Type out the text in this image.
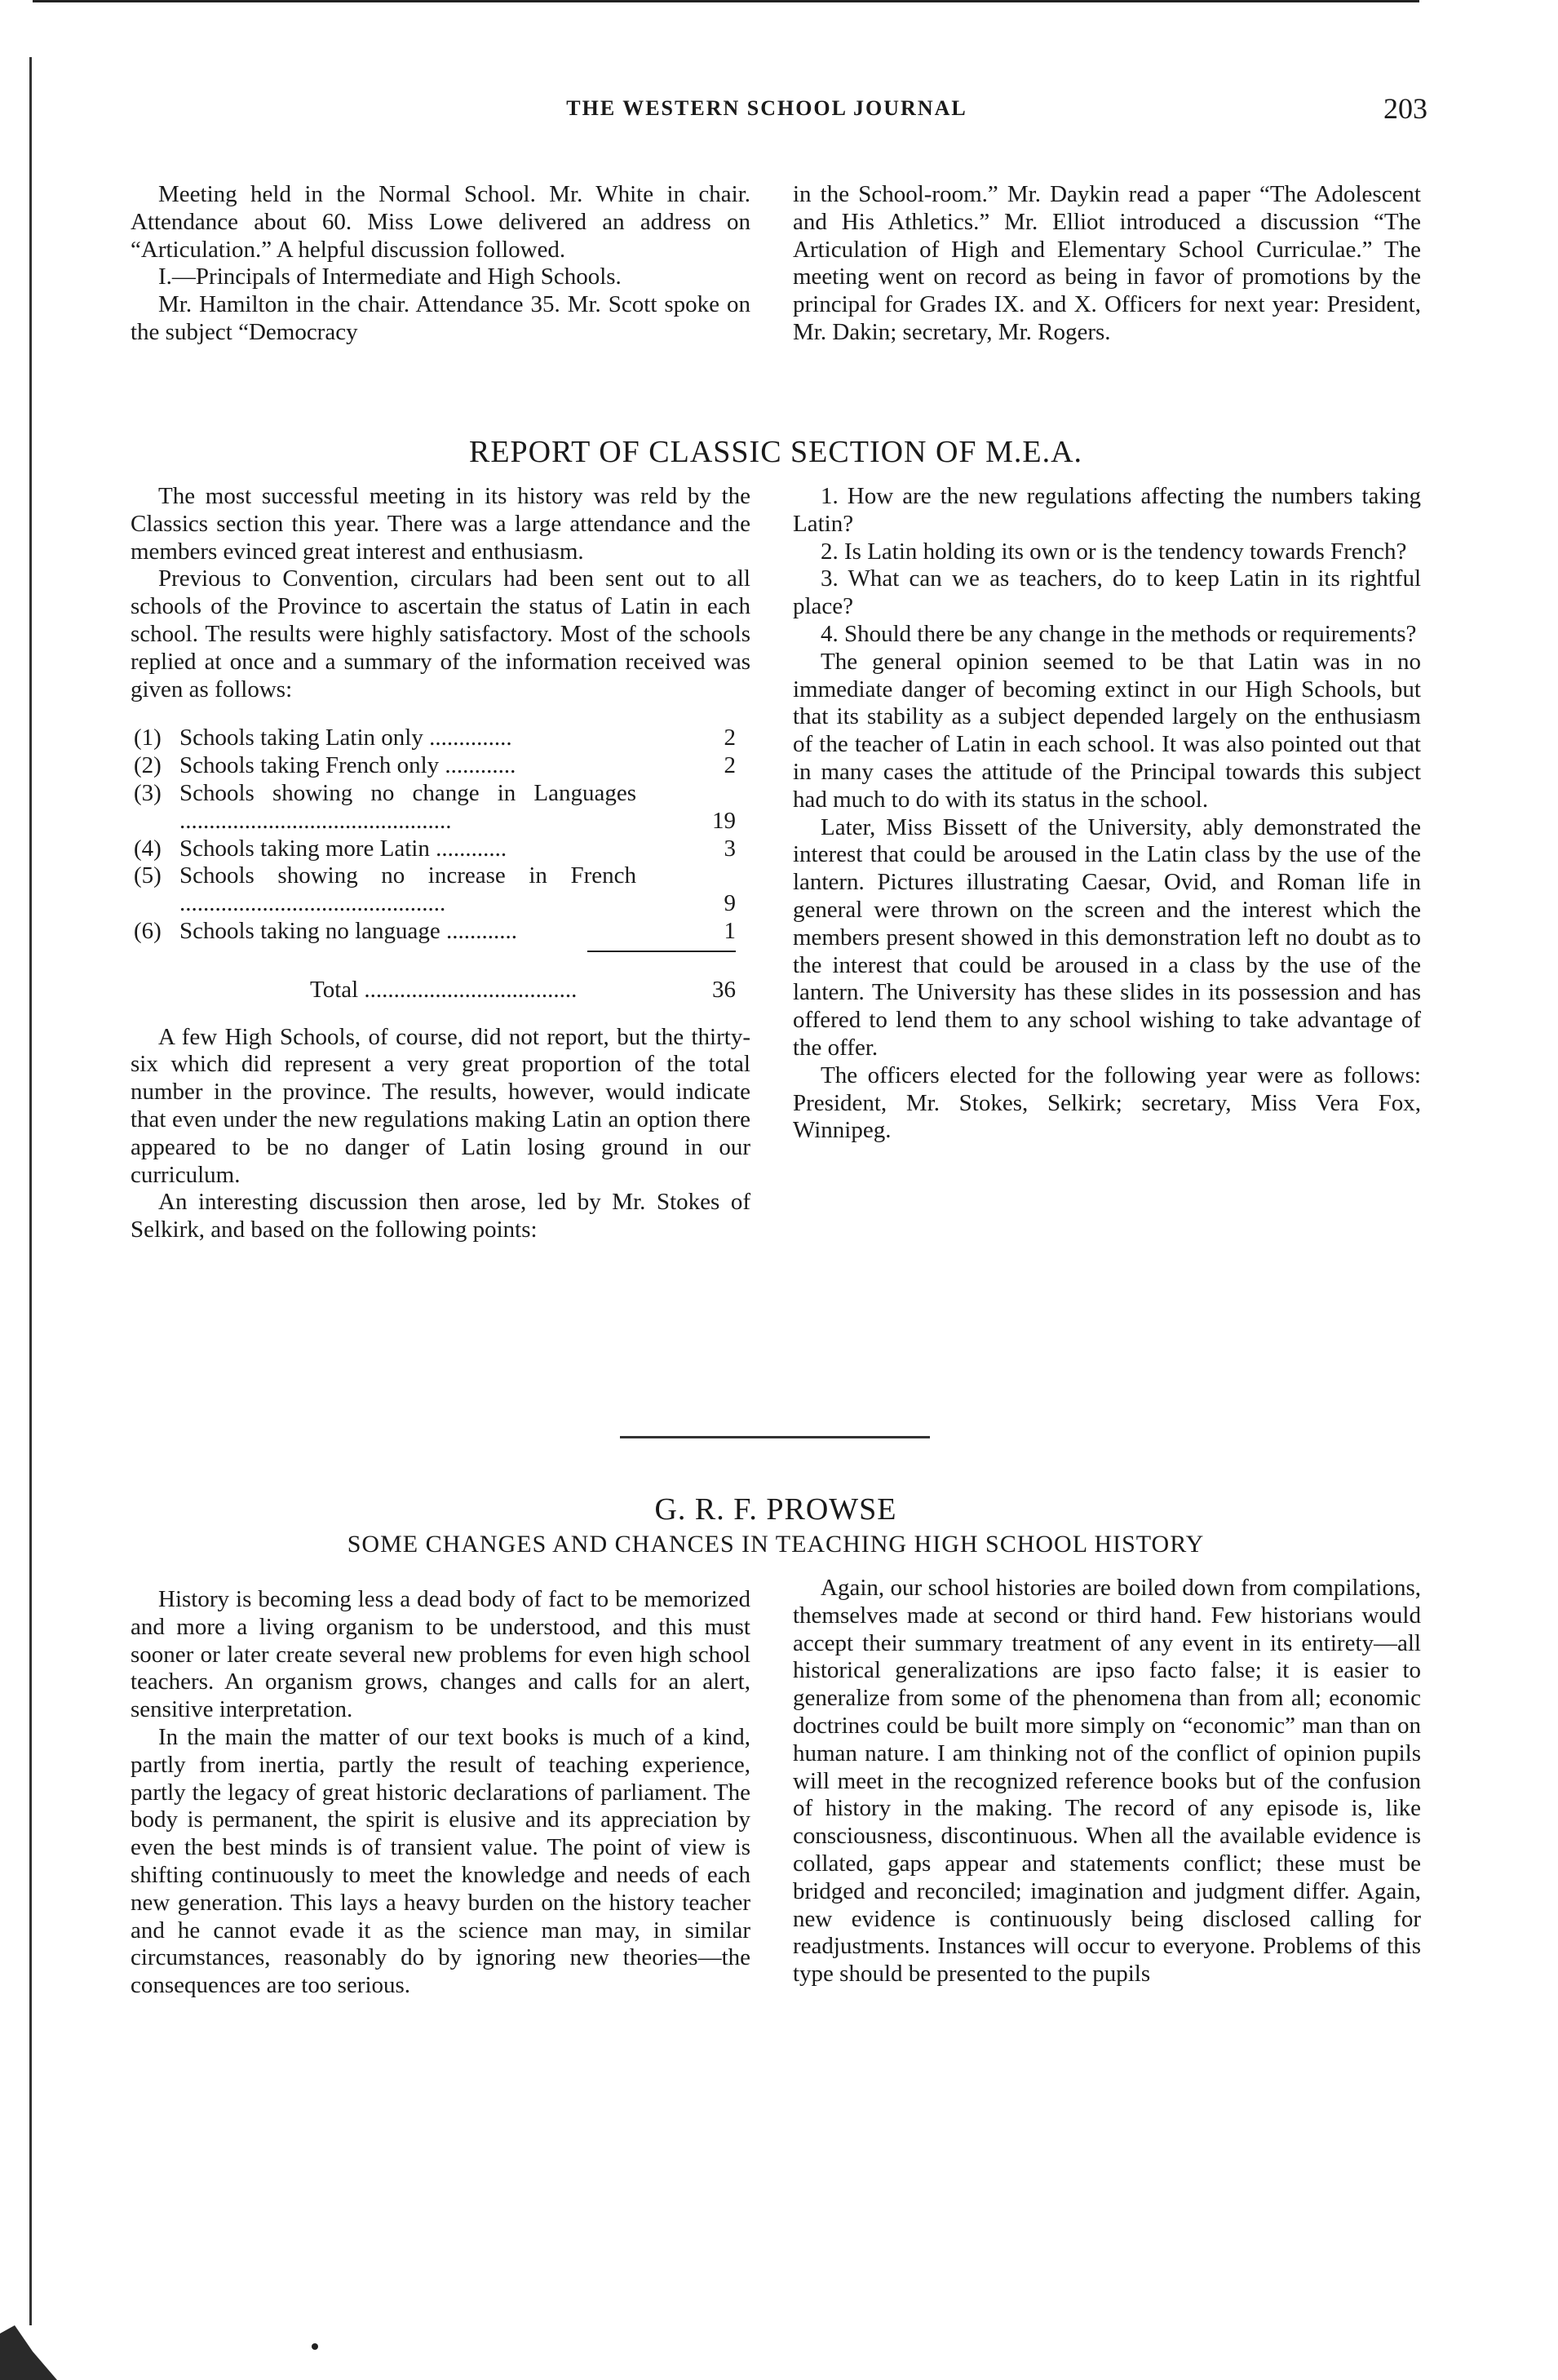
THE WESTERN SCHOOL JOURNAL	203

Meeting held in the Normal School. Mr. White in chair. Attendance about 60. Miss Lowe delivered an address on “Articulation.” A helpful discussion followed.

I.—Principals of Intermediate and High Schools.

Mr. Hamilton in the chair. Attendance 35. Mr. Scott spoke on the subject “Democracy

in the School-room.” Mr. Daykin read a paper “The Adolescent and His Athletics.” Mr. Elliot introduced a discussion “The Articulation of High and Elementary School Curriculae.” The meeting went on record as being in favor of promotions by the principal for Grades IX. and X. Officers for next year: President, Mr. Dakin; secretary, Mr. Rogers.

REPORT OF CLASSIC SECTION OF M.E.A.

The most successful meeting in its history was reld by the Classics section this year. There was a large attendance and the members evinced great interest and enthusiasm.

Previous to Convention, circulars had been sent out to all schools of the Province to ascertain the status of Latin in each school. The results were highly satisfactory. Most of the schools replied at once and a summary of the information received was given as follows:

(1) Schools taking Latin only ..............	2
(2) Schools taking French only ............	2
(3) Schools showing no change in Languages ..............................................	19
(4) Schools taking more Latin ............	3
(5) Schools showing no increase in French .............................................	9
(6) Schools taking no language ............	1
Total ....................................	36

A few High Schools, of course, did not report, but the thirty-six which did represent a very great proportion of the total number in the province. The results, however, would indicate that even under the new regulations making Latin an option there appeared to be no danger of Latin losing ground in our curriculum.

An interesting discussion then arose, led by Mr. Stokes of Selkirk, and based on the following points:

1. How are the new regulations affecting the numbers taking Latin?

2. Is Latin holding its own or is the tendency towards French?

3. What can we as teachers, do to keep Latin in its rightful place?

4. Should there be any change in the methods or requirements?

The general opinion seemed to be that Latin was in no immediate danger of becoming extinct in our High Schools, but that its stability as a subject depended largely on the enthusiasm of the teacher of Latin in each school. It was also pointed out that in many cases the attitude of the Principal towards this subject had much to do with its status in the school.

Later, Miss Bissett of the University, ably demonstrated the interest that could be aroused in the Latin class by the use of the lantern. Pictures illustrating Caesar, Ovid, and Roman life in general were thrown on the screen and the interest which the members present showed in this demonstration left no doubt as to the interest that could be aroused in a class by the use of the lantern. The University has these slides in its possession and has offered to lend them to any school wishing to take advantage of the offer.

The officers elected for the following year were as follows: President, Mr. Stokes, Selkirk; secretary, Miss Vera Fox, Winnipeg.

G. R. F. PROWSE
SOME CHANGES AND CHANCES IN TEACHING HIGH SCHOOL HISTORY

History is becoming less a dead body of fact to be memorized and more a living organism to be understood, and this must sooner or later create several new problems for even high school teachers. An organism grows, changes and calls for an alert, sensitive interpretation.

In the main the matter of our text books is much of a kind, partly from inertia, partly the result of teaching experience, partly the legacy of great historic declarations of parliament. The body is permanent, the spirit is elusive and its appreciation by even the best minds is of transient value. The point of view is shifting continuously to meet the knowledge and needs of each new generation. This lays a heavy burden on the history teacher and he cannot evade it as the science man may, in similar circumstances, reasonably do by ignoring new theories—the consequences are too serious.

Again, our school histories are boiled down from compilations, themselves made at second or third hand. Few historians would accept their summary treatment of any event in its entirety—all historical generalizations are ipso facto false; it is easier to generalize from some of the phenomena than from all; economic doctrines could be built more simply on “economic” man than on human nature. I am thinking not of the conflict of opinion pupils will meet in the recognized reference books but of the confusion of history in the making. The record of any episode is, like consciousness, discontinuous. When all the available evidence is collated, gaps appear and statements conflict; these must be bridged and reconciled; imagination and judgment differ. Again, new evidence is continuously being disclosed calling for readjustments. Instances will occur to everyone. Problems of this type should be presented to the pupils
